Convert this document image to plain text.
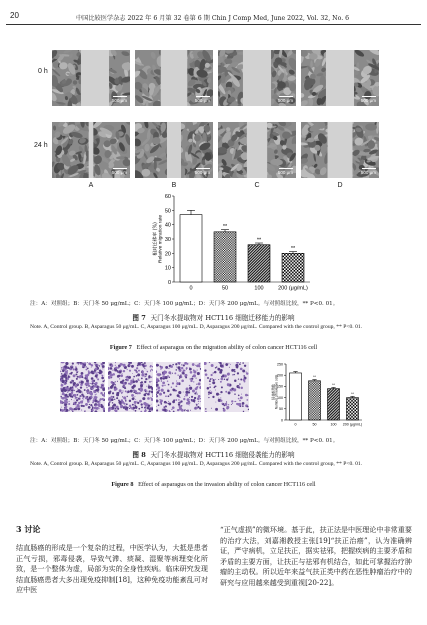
20	中国比较医学杂志 2022 年 6 月第 32 卷第 6 期 Chin J Comp Med, June 2022, Vol. 32, No. 6
0 h
24 h
500 μm	500 μm	500 μm	500 μm
500 μm	500 μm	500 μm	500 μm
A	B	C	D
0
10
20
30
40
50
60
相对迁移率 (%) Relative migration rate
0
**
50
**
100
**
200 (μg/mL)
注：A：对照组；B：天门冬 50 μg/mL；C：天门冬 100 μg/mL；D：天门冬 200 μg/mL。与对照组比较，** P<0. 01。
图 7 天门冬水提取物对 HCT116 细胞迁移能力的影响
Note. A, Control group. B, Asparagus 50 μg/mL. C, Asparagus 100 μg/mL. D, Asparagus 200 μg/mL. Compared with the control group, ** P<0. 01.
Figure 7 Effect of asparagus on the migration ability of colon cancer HCT116 cell
0
50
100
150
200
250
侵袭细胞数 Number of invasive cells
0
**
50
**
100
**
200 (μg/mL)
注：A：对照组；B：天门冬 50 μg/mL；C：天门冬 100 μg/mL；D：天门冬 200 μg/mL。与对照组比较，** P<0. 01。
图 8 天门冬水提取物对 HCT116 细胞侵袭能力的影响
Note. A, Control group. B, Asparagus 50 μg/mL. C, Asparagus 100 μg/mL. D, Asparagus 200 μg/mL. Compared with the control group, ** P<0. 01.
Figure 8 Effect of asparagus on the invasion ability of colon cancer HCT116 cell
3 讨论
结直肠癌的形成是一个复杂的过程，中医学认为，大抵是患者正气亏损，邪毒侵袭，导致气滞、痰凝、湿聚等病理变化所致，是一个整体为虚，局部为实的全身性疾病。临床研究发现结直肠癌患者大多出现免疫抑制[18]，这种免疫功能紊乱可对应中医
“正气虚损”的微环境。基于此，扶正法是中医理论中非常重要的治疗大法，刘嘉湘教授主张[19]“扶正治癌”，认为准确辨证，严守病机，立足扶正，据实祛邪，把握疾病的主要矛盾和矛盾的主要方面，让扶正与祛邪有机结合，如此可掌握治疗肿瘤的主动权。所以近年来益气扶正类中药在恶性肿瘤治疗中的研究与应用越来越受到重视[20-22]。
